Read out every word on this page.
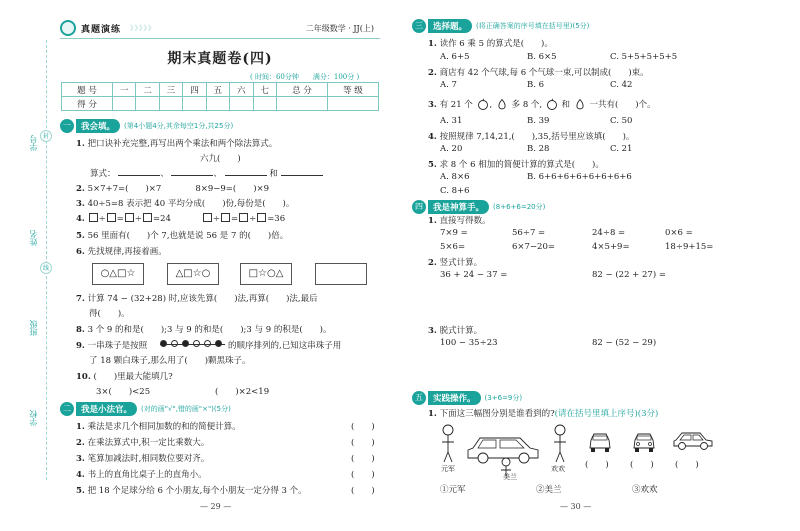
封
线
学号
姓名
班级
学校
真题演练 》》》》》	二年级数学 · JJ(上)
期末真题卷(四)
( 时间：60分钟　　满分：100分 )
题 号	一	二	三	四	五	六	七	总 分	等 级
得 分									
一	我会填。	(第4小题4分,其余每空1分,共25分)
1. 把口诀补充完整,再写出两个乘法和两个除法算式。
六九(　　)
算式：	、	、	和
2. 5×7+7=(　　)×7　　　　8×9−9=(　　)×9
3. 40÷5=8 表示把 40 平均分成(　　)份,每份是(　　)。
4. ÷ = ÷ =24    	÷ = ÷ =36
5. 56 里面有(　　)个 7,也就是说 56 是 7 的(　　)倍。
6. 先找规律,再接着画。
○△□☆	△□☆○	□☆○△
7. 计算 74 − (32+28) 时,应该先算(　　)法,再算(　　)法,最后
得(　　)。
8. 3 个 9 的和是(　　);3 与 9 的和是(　　);3 与 9 的积是(　　)。
9. 一串珠子是按照	的顺序排列的,已知这串珠子用
了 18 颗白珠子,那么用了(　　)颗黑珠子。
10. (　　)里最大能填几?
3×(　　)<25	(　　)×2<19
二	我是小法官。	(对的画"√",错的画"×")(5分)
1. 乘法是求几个相同加数的和的简便计算。	(　　)
2. 在乘法算式中,积一定比乘数大。	(　　)
3. 笔算加减法时,相同数位要对齐。	(　　)
4. 书上的直角比桌子上的直角小。	(　　)
5. 把 18 个足球分给 6 个小朋友,每个小朋友一定分得 3 个。	(　　)
— 29 —
三	选择题。	(将正确答案的序号填在括号里)(5分)
1. 读作 6 乘 5 的算式是(　　)。
A. 6+5	B. 6×5	C. 5+5+5+5+5
2. 商店有 42 个气球,每 6 个气球一束,可以制成(　　)束。
A. 7	B. 6	C. 42
3. 有 21 个 ,  多 8 个, 和 一共有(　　)个。
A. 31	B. 39	C. 50
4. 按照规律 7,14,21,(　　),35,括号里应该填(　　)。
A. 20	B. 28	C. 21
5. 求 8 个 6 相加的简便计算的算式是(　　)。
A. 8×6	B. 6+6+6+6+6+6+6+6
C. 8+6
四	我是神算手。	(8+6+6=20分)
1. 直接写得数。
7×9 =	56÷7 =	24÷8 =	0×6 =
5×6=	6×7−20=	4×5+9=	18÷9+15=
2. 竖式计算。
36 + 24 − 37 =	82 − (22 + 27) =
3. 脱式计算。
100 − 35÷23	82 − (52 − 29)
五	实践操作。	(3+6=9分)
1. 下面这三幅图分别是谁看到的?(请在括号里填上序号)(3分)
元军
美兰
欢欢 (　　)	(　　)	(　　)
①元军	②美兰	③欢欢
— 30 —
